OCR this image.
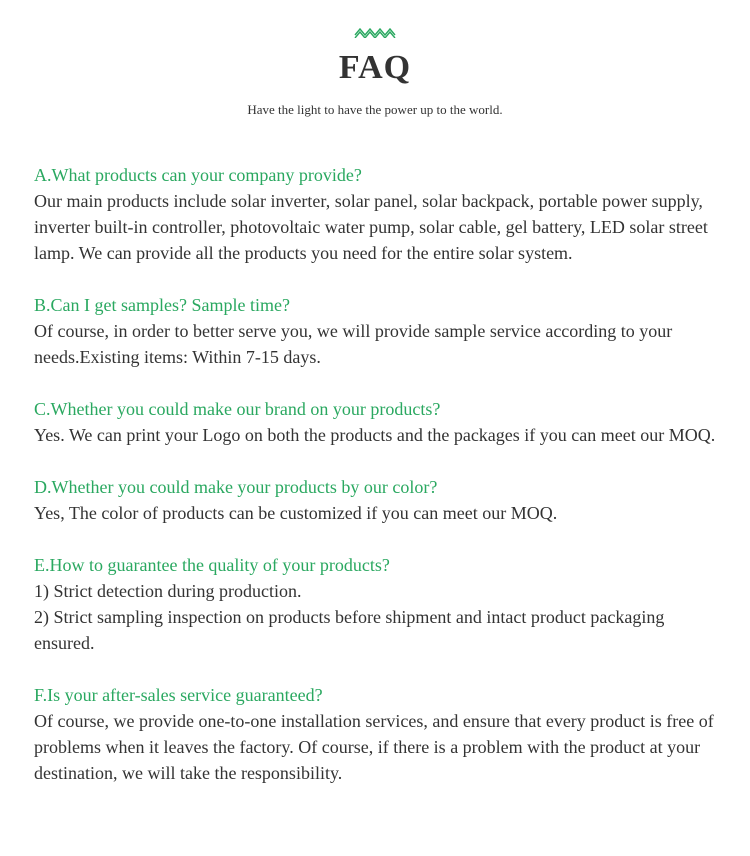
FAQ
Have the light to have the power up to the world.
A.What products can your company provide?
Our main products include solar inverter, solar panel, solar backpack, portable power supply, inverter built-in controller, photovoltaic water pump, solar cable, gel battery, LED solar street lamp. We can provide all the products you need for the entire solar system.
B.Can I get samples? Sample time?
Of course, in order to better serve you, we will provide sample service according to your needs.Existing items: Within 7-15 days.
C.Whether you could make our brand on your products?
Yes. We can print your Logo on both the products and the packages if you can meet our MOQ.
D.Whether you could make your products by our color?
Yes, The color of products can be customized if you can meet our MOQ.
E.How to guarantee the quality of your products?
1) Strict detection during production.
2) Strict sampling inspection on products before shipment and intact product packaging ensured.
F.Is your after-sales service guaranteed?
Of course, we provide one-to-one installation services, and ensure that every product is free of problems when it leaves the factory. Of course, if there is a problem with the product at your destination, we will take the responsibility.
